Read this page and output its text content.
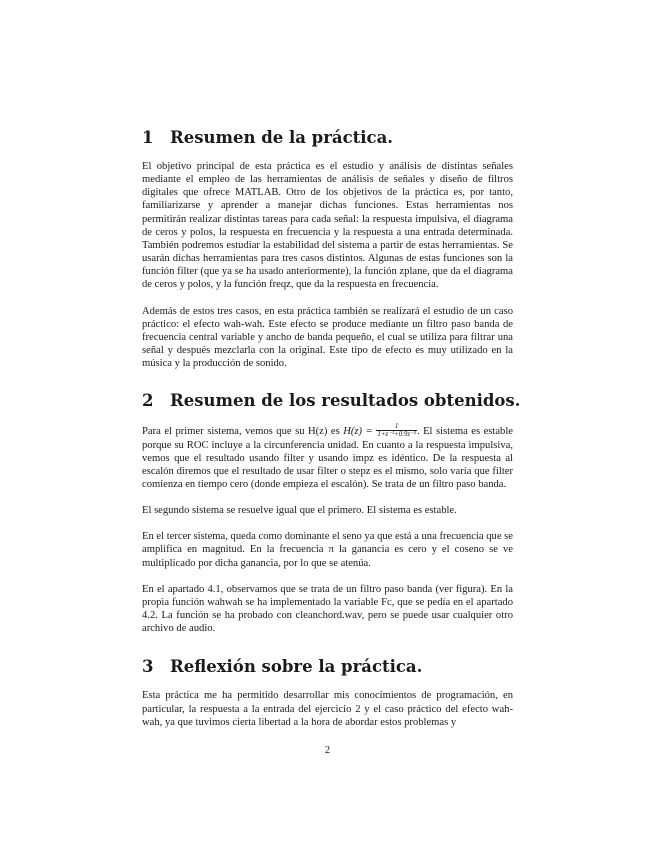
1 Resumen de la práctica.

El objetivo principal de esta práctica es el estudio y análisis de distintas señales mediante el empleo de las herramientas de análisis de señales y diseño de filtros digitales que ofrece MATLAB. Otro de los objetivos de la práctica es, por tanto, familiarizarse y aprender a manejar dichas funciones. Estas herramientas nos permitirán realizar distintas tareas para cada señal: la respuesta impulsiva, el diagrama de ceros y polos, la respuesta en frecuencia y la respuesta a una entrada determinada. También podremos estudiar la estabilidad del sistema a partir de estas herramientas. Se usarán dichas herramientas para tres casos distintos. Algunas de estas funciones son la función filter (que ya se ha usado anteriormente), la función zplane, que da el diagrama de ceros y polos, y la función freqz, que da la respuesta en frecuencia.

Además de estos tres casos, en esta práctica también se realizará el estudio de un caso práctico: el efecto wah-wah. Este efecto se produce mediante un filtro paso banda de frecuencia central variable y ancho de banda pequeño, el cual se utiliza para filtrar una señal y después mezclarla con la original. Este tipo de efecto es muy utilizado en la música y la producción de sonido.

2 Resumen de los resultados obtenidos.

Para el primer sistema, vemos que su H(z) es $H(z) = \frac{1}{\text{1+z⁻¹+0.9z⁻²}}$ . El sistema es estable porque su ROC incluye a la circunferencia unidad. En cuanto a la respuesta impulsiva, vemos que el resultado usando filter y usando impz es idéntico. De la respuesta al escalón diremos que el resultado de usar filter o stepz es el mismo, solo varía que filter comienza en tiempo cero (donde empieza el escalón). Se trata de un filtro paso banda.

El segundo sistema se resuelve igual que el primero. El sistema es estable.

En el tercer sistema, queda como dominante el seno ya que está a una frecuencia que se amplifica en magnitud. En la frecuencia π la ganancia es cero y el coseno se ve multiplicado por dicha ganancia, por lo que se atenúa.

En el apartado 4.1, observamos que se trata de un filtro paso banda (ver figura). En la propia función wahwah se ha implementado la variable Fc, que se pedía en el apartado 4.2. La función se ha probado con cleanchord.wav, pero se puede usar cualquier otro archivo de audio.

3 Reflexión sobre la práctica.

Esta práctica me ha permitido desarrollar mis conocimientos de programación, en particular, la respuesta a la entrada del ejercicio 2 y el caso práctico del efecto wah-wah, ya que tuvimos cierta libertad a la hora de abordar estos problemas y

2
